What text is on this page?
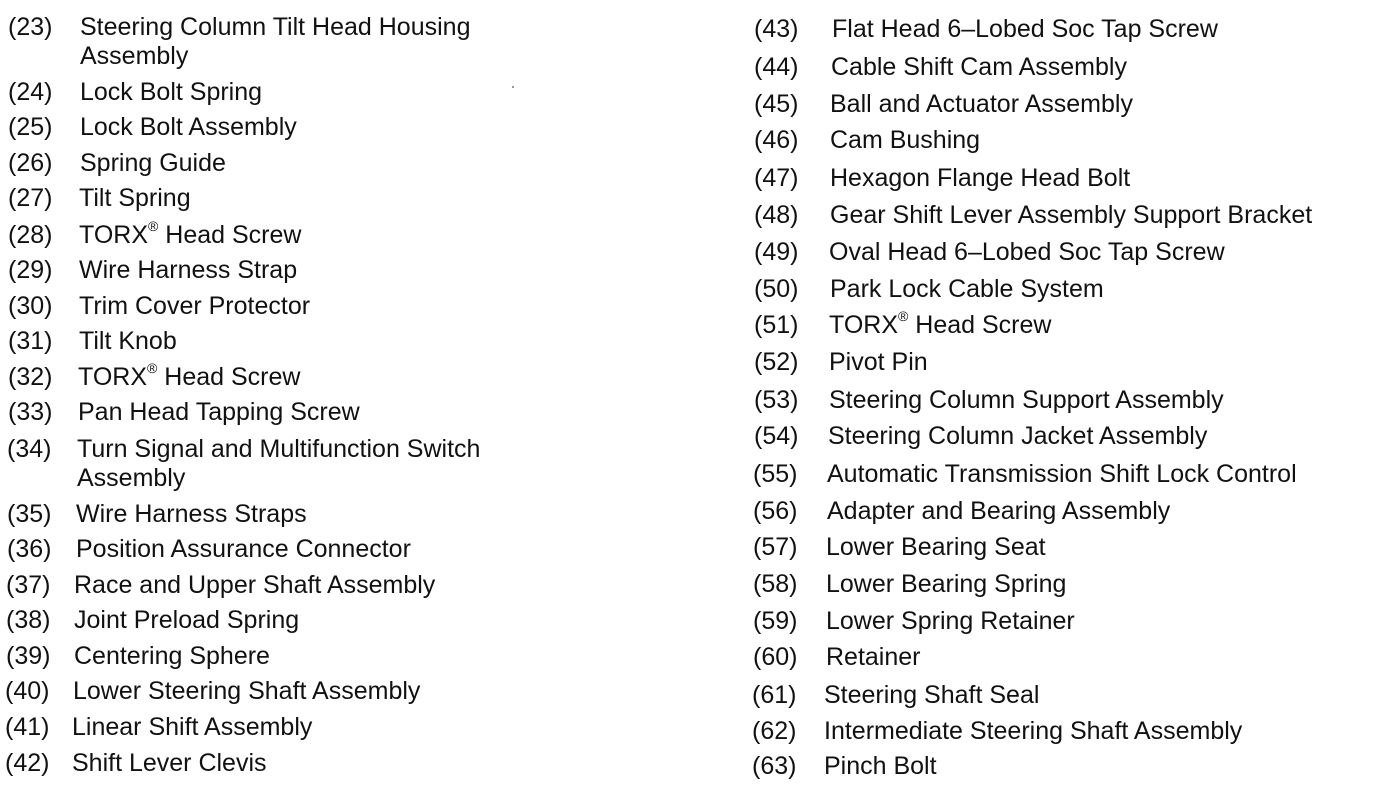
(23)	Steering Column Tilt Head Housing
Assembly
(24)	Lock Bolt Spring
(25)	Lock Bolt Assembly
(26)	Spring Guide
(27)	Tilt Spring
(28)	TORX® Head Screw
(29)	Wire Harness Strap
(30)	Trim Cover Protector
(31)	Tilt Knob
(32)	TORX® Head Screw
(33)	Pan Head Tapping Screw
(34)	Turn Signal and Multifunction Switch
Assembly
(35) Wire Harness Straps
(36) Position Assurance Connector
(37) Race and Upper Shaft Assembly
(38) Joint Preload Spring
(39) Centering Sphere
(40) Lower Steering Shaft Assembly
(41) Linear Shift Assembly
(42) Shift Lever Clevis
(43)	Flat Head 6–Lobed Soc Tap Screw
(44)	Cable Shift Cam Assembly
(45)	Ball and Actuator Assembly
(46)	Cam Bushing
(47)	Hexagon Flange Head Bolt
(48)	Gear Shift Lever Assembly Support Bracket
(49)	Oval Head 6–Lobed Soc Tap Screw
(50)	Park Lock Cable System
(51)	TORX® Head Screw
(52)	Pivot Pin
(53)	Steering Column Support Assembly
(54)	Steering Column Jacket Assembly
(55)	Automatic Transmission Shift Lock Control
(56)	Adapter and Bearing Assembly
(57)	Lower Bearing Seat
(58)	Lower Bearing Spring
(59)	Lower Spring Retainer
(60)	Retainer
(61)	Steering Shaft Seal
(62)	Intermediate Steering Shaft Assembly
(63)	Pinch Bolt
